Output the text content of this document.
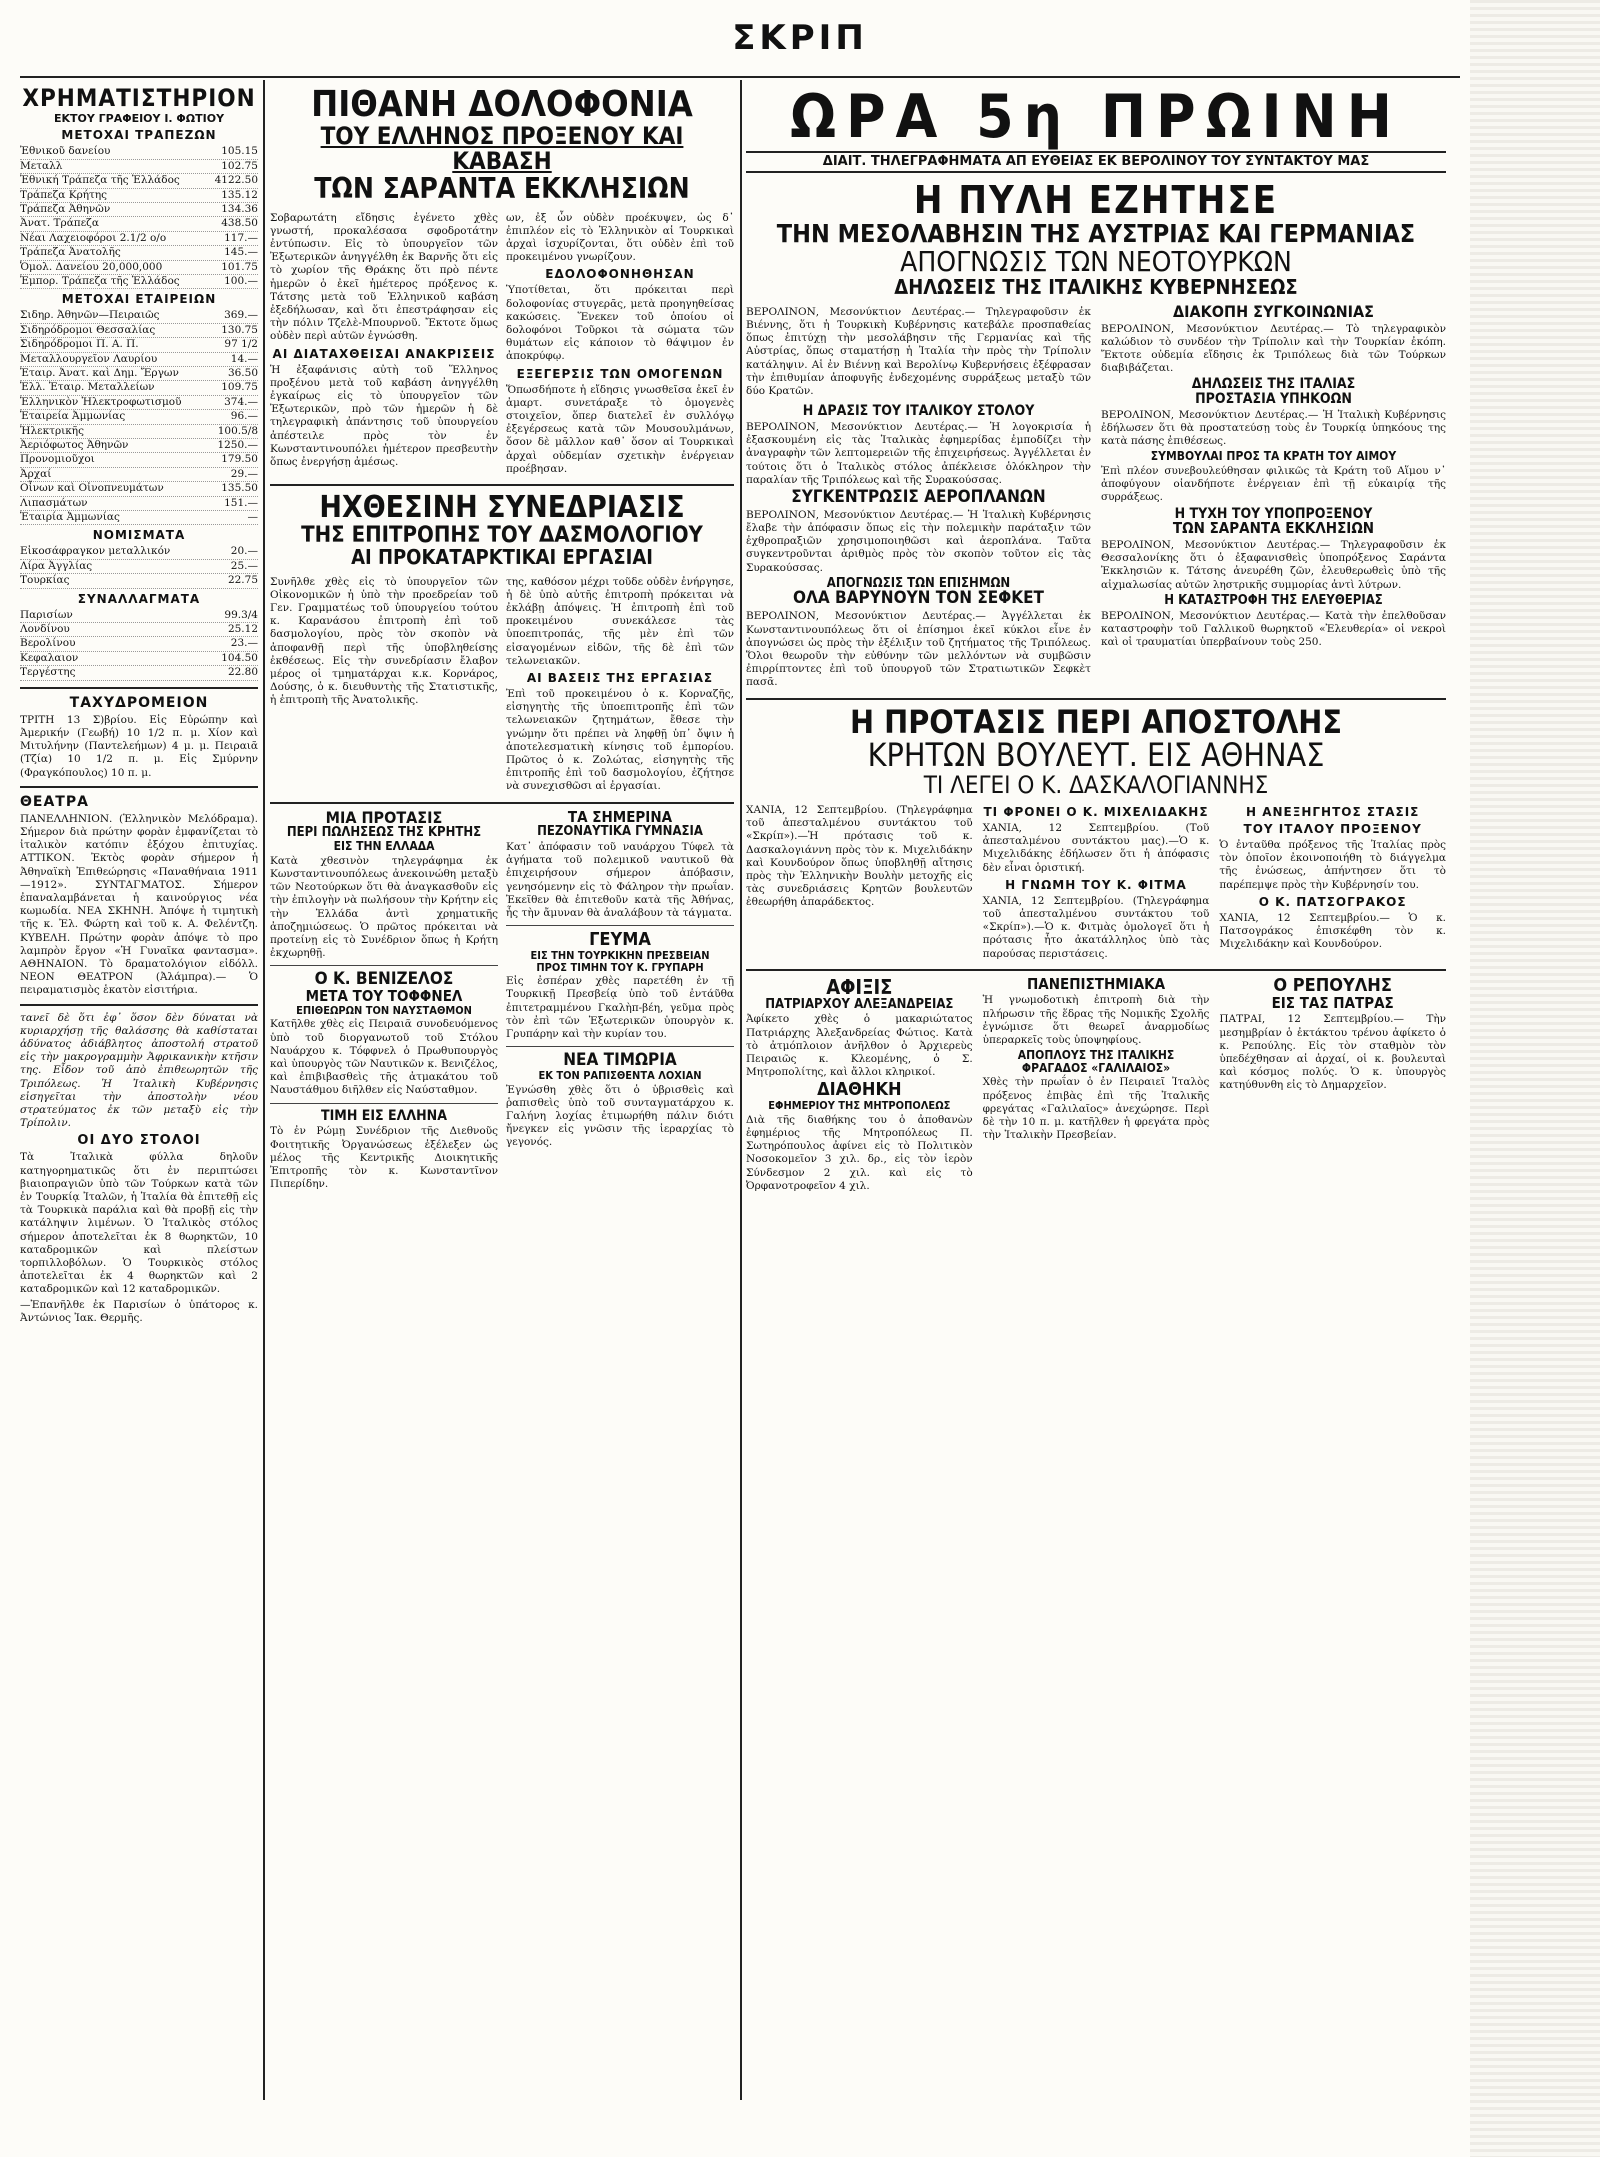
ΣΚΡΙΠ
ΧΡΗΜΑΤΙΣΤΗΡΙΟΝ
ΕΚΤΟΥ ΓΡΑΦΕΙΟΥ Ι. ΦΩΤΙΟΥ
ΜΕΤΟΧΑΙ ΤΡΑΠΕΖΩΝ
Ἐθνικοῦ δανείου	105.15
Μεταλλ	102.75
Ἐθνική Τράπεζα τῆς Ἑλλάδος	4122.50
Τράπεζα Κρήτης	135.12
Τράπεζα Ἀθηνῶν	134.36
Ἀνατ. Τράπεζα	438.50
Νέαι Λαχειοφόροι 2.1/2 ο/ο	117.—
Τράπεζα Ἀνατολῆς	145.—
Ὁμολ. Δανείου 20,000,000	101.75
Ἐμπορ. Τράπεζα τῆς Ἑλλάδος	100.—
ΜΕΤΟΧΑΙ ΕΤΑΙΡΕΙΩΝ
Σιδηρ. Ἀθηνῶν—Πειραιῶς	369.—
Σιδηρόδρομοι Θεσσαλίας	130.75
Σιδηρόδρομοι Π. Α. Π.	97 1/2
Μεταλλουργεῖον Λαυρίου	14.—
Ἐταιρ. Ἀνατ. καὶ Δημ. Ἔργων	36.50
Ἑλλ. Ἐταιρ. Μεταλλείων	109.75
Ἑλληνικὸν Ἠλεκτροφωτισμοῦ	374.—
Ἑταιρεία Ἀμμωνίας	96.—
Ἠλεκτρικῆς	100.5/8
Ἀεριόφωτος Ἀθηνῶν	1250.—
Προνομιοῦχοι	179.50
Ἀρχαί	29.—
Οἶνων καὶ Οἰνοπνευμάτων	135.50
Λιπασμάτων	151.—
Ἑταιρία Ἀμμωνίας	—
ΝΟΜΙΣΜΑΤΑ
Εἰκοσάφραγκον μεταλλικόν	20.—
Λίρα Ἀγγλίας	25.—
Τουρκίας	22.75
ΣΥΝΑΛΛΑΓΜΑΤΑ
Παρισίων	99.3/4
Λονδίνου	25.12
Βερολίνου	23.—
Κεφαλαιον	104.50
Τεργέστης	22.80
ΤΑΧΥΔΡΟΜΕΙΟΝ

ΤΡΙΤΗ 13 Σ)βρίου. Εἰς Εὐρώπην καὶ Ἀμερικήν (Γεωβή) 10 1/2 π. μ. Χίον καὶ Μιτυλήνην (Παντελεήμων) 4 μ. μ. Πειραιᾶ (Τζία) 10 1/2 π. μ. Εἰς Σμύρνην (Φραγκόπουλος) 10 π. μ.

ΘΕΑΤΡΑ

ΠΑΝΕΛΛΗΝΙΟΝ. (Ἑλληνικὸν Μελόδραμα). Σήμερον διὰ πρώτην φορὰν ἐμφανίζεται τὸ ἰταλικὸν κατόπιν ἐξόχου ἐπιτυχίας. ΑΤΤΙΚΟΝ. Ἐκτὸς φορὰν σήμερον ἡ Ἀθηναϊκὴ Ἐπιθεώρησις «Παναθήναια 1911—1912». ΣΥΝΤΑΓΜΑΤΟΣ. Σήμερον ἐπαναλαμβάνεται ἡ καινούργιος νέα κωμωδία. ΝΕΑ ΣΚΗΝΗ. Ἀπόψε ἡ τιμητικὴ τῆς κ. Ἐλ. Φώρτη καὶ τοῦ κ. Α. Φελέντζη. ΚΥΒΕΛΗ. Πρώτην φορὰν ἀπόψε τὸ προ λαμπρὸν ἔργον «Ἡ Γυναῖκα φαντασμα». ΑΘΗΝΑΙΟΝ. Τὸ δραματολόγιον εἰδόλλ. ΝΕΟΝ ΘΕΑΤΡΟΝ (Ἀλάμπρα).— Ὁ πειραματισμὸς ἑκατὸν εἰσιτήρια.

τανεῖ δὲ ὅτι ἐφ᾽ ὅσον δὲν δύναται νὰ κυριαρχήσῃ τῆς θαλάσσης θὰ καθίσταται ἀδύνατος ἀδιάβλητος ἀποστολή στρατοῦ εἰς τὴν μακρογραμμὴν Ἀφρικανικὴν κτῆσιν της. Εἶδον τοῦ ἀπὸ ἐπιθεωρητῶν τῆς Τριπόλεως. Ἡ Ἰταλικὴ Κυβέρνησις εἰσηγεῖται τὴν ἀποστολὴν νέου στρατεύματος ἐκ τῶν μεταξὺ εἰς τὴν Τρίπολιν.

ΟΙ ΔΥΟ ΣΤΟΛΟΙ

Τὰ Ἰταλικὰ φύλλα δηλοῦν κατηγορηματικῶς ὅτι ἐν περιπτώσει βιαιοπραγιῶν ὑπὸ τῶν Τούρκων κατὰ τῶν ἐν Τουρκίᾳ Ἰταλῶν, ἡ Ἰταλία θὰ ἐπιτεθῇ εἰς τὰ Τουρκικὰ παράλια καὶ θὰ προβῇ εἰς τὴν κατάληψιν λιμένων. Ὁ Ἰταλικὸς στόλος σήμερον ἀποτελεῖται ἐκ 8 θωρηκτῶν, 10 καταδρομικῶν καὶ πλείστων τορπιλλοβόλων. Ὁ Τουρκικὸς στόλος ἀποτελεῖται ἐκ 4 θωρηκτῶν καὶ 2 καταδρομικῶν καὶ 12 καταδρομικῶν.

—Ἐπανῆλθε ἐκ Παρισίων ὁ ὑπάτορος κ. Ἀντώνιος Ἰακ. Θερμῆς.

ΠΙΘΑΝΗ ΔΟΛΟΦΟΝΙΑ
ΤΟΥ ΕΛΛΗΝΟΣ ΠΡΟΞΕΝΟΥ ΚΑΙ ΚΑΒΑΣΗ
ΤΩΝ ΣΑΡΑΝΤΑ ΕΚΚΛΗΣΙΩΝ

Σοβαρωτάτη εἴδησις ἐγένετο χθὲς γνωστή, προκαλέσασα σφοδροτάτην ἐντύπωσιν. Εἰς τὸ ὑπουργεῖον τῶν Ἐξωτερικῶν ἀνηγγέλθη ἐκ Βαρνῆς ὅτι εἰς τὸ χωρίον τῆς Θράκης ὅτι πρὸ πέντε ἡμερῶν ὁ ἐκεῖ ἡμέτερος πρόξενος κ. Τάτσης μετὰ τοῦ Ἑλληνικοῦ καβάση ἐξεδήλωσαν, καὶ ὅτι ἐπεστράφησαν εἰς τὴν πόλιν Τζελὲ-Μπουρνοῦ. Ἔκτοτε ὅμως οὐδὲν περὶ αὐτῶν ἐγνώσθη.

ΑΙ ΔΙΑΤΑΧΘΕΙΣΑΙ ΑΝΑΚΡΙΣΕΙΣ

Ἡ ἐξαφάνισις αὐτὴ τοῦ Ἕλληνος προξένου μετὰ τοῦ καβάση ἀνηγγέλθη ἐγκαίρως εἰς τὸ ὑπουργεῖον τῶν Ἐξωτερικῶν, πρὸ τῶν ἡμερῶν ἡ δὲ τηλεγραφικὴ ἀπάντησις τοῦ ὑπουργείου ἀπέστειλε πρὸς τὸν ἐν Κωνσταντινουπόλει ἡμέτερον πρεσβευτὴν ὅπως ἐνεργήσῃ ἀμέσως.

ων, ἐξ ὧν οὐδὲν προέκυψεν, ὡς δ᾽ ἐπιπλέον εἰς τὸ Ἑλληνικὸν αἱ Τουρκικαὶ ἀρχαὶ ἰσχυρίζονται, ὅτι οὐδὲν ἐπὶ τοῦ προκειμένου γνωρίζουν.

ΕΔΟΛΟΦΟΝΗΘΗΣΑΝ

Ὑποτίθεται, ὅτι πρόκειται περὶ δολοφονίας στυγερᾶς, μετὰ προηγηθείσας κακώσεις. Ἕνεκεν τοῦ ὁποίου οἱ δολοφόνοι Τοῦρκοι τὰ σώματα τῶν θυμάτων εἰς κάποιον τὸ θάψιμον ἐν ἀποκρύφῳ.

ΕΞΕΓΕΡΣΙΣ ΤΩΝ ΟΜΟΓΕΝΩΝ

Ὅπωσδήποτε ἡ εἴδησις γνωσθεῖσα ἐκεῖ ἐν ἀμαρτ. συνετάραξε τὸ ὁμογενὲς στοιχεῖον, ὅπερ διατελεῖ ἐν συλλόγῳ ἐξεγέρσεως κατὰ τῶν Μουσουλμάνων, ὅσον δὲ μᾶλλον καθ᾽ ὅσον αἱ Τουρκικαὶ ἀρχαὶ οὐδεμίαν σχετικὴν ἐνέργειαν προέβησαν.

ΗΧΘΕΣΙΝΗ ΣΥΝΕΔΡΙΑΣΙΣ
ΤΗΣ ΕΠΙΤΡΟΠΗΣ ΤΟΥ ΔΑΣΜΟΛΟΓΙΟΥ
ΑΙ ΠΡΟΚΑΤΑΡΚΤΙΚΑΙ ΕΡΓΑΣΙΑΙ

Συνῆλθε χθὲς εἰς τὸ ὑπουργεῖον τῶν Οἰκονομικῶν ἡ ὑπὸ τὴν προεδρείαν τοῦ Γεν. Γραμματέως τοῦ ὑπουργείου τούτου κ. Καρανάσου ἐπιτροπὴ ἐπὶ τοῦ δασμολογίου, πρὸς τὸν σκοπὸν νὰ ἀποφανθῇ περὶ τῆς ὑποβληθείσης ἐκθέσεως. Εἰς τὴν συνεδρίασιν ἔλαβον μέρος οἱ τμηματάρχαι κ.κ. Κορνάρος, Δούσης, ὁ κ. διευθυντὴς τῆς Στατιστικῆς, ἡ ἐπιτροπὴ τῆς Ἀνατολικῆς.

της, καθόσον μέχρι τοῦδε οὐδὲν ἐνήργησε, ἡ δὲ ὑπὸ αὐτῆς ἐπιτροπὴ πρόκειται νὰ ἐκλάβῃ ἀπόψεις. Ἡ ἐπιτροπὴ ἐπὶ τοῦ προκειμένου συνεκάλεσε τὰς ὑποεπιτροπάς, τῆς μὲν ἐπὶ τῶν εἰσαγομένων εἰδῶν, τῆς δὲ ἐπὶ τῶν τελωνειακῶν.

ΑΙ ΒΑΣΕΙΣ ΤΗΣ ΕΡΓΑΣΙΑΣ

Ἐπὶ τοῦ προκειμένου ὁ κ. Κορναζῆς, εἰσηγητὴς τῆς ὑποεπιτροπῆς ἐπὶ τῶν τελωνειακῶν ζητημάτων, ἔθεσε τὴν γνώμην ὅτι πρέπει νὰ ληφθῇ ὑπ᾽ ὄψιν ἡ ἀποτελεσματικὴ κίνησις τοῦ ἐμπορίου. Πρῶτος ὁ κ. Ζολώτας, εἰσηγητὴς τῆς ἐπιτροπῆς ἐπὶ τοῦ δασμολογίου, ἐζήτησε νὰ συνεχισθῶσι αἱ ἐργασίαι.

ΜΙΑ ΠΡΟΤΑΣΙΣ
ΠΕΡΙ ΠΩΛΗΣΕΩΣ ΤΗΣ ΚΡΗΤΗΣ
ΕΙΣ ΤΗΝ ΕΛΛΑΔΑ

Κατὰ χθεσινὸν τηλεγράφημα ἐκ Κωνσταντινουπόλεως ἀνεκοινώθη μεταξὺ τῶν Νεοτούρκων ὅτι θὰ ἀναγκασθοῦν εἰς τὴν ἐπιλογὴν νὰ πωλήσουν τὴν Κρήτην εἰς τὴν Ἑλλάδα ἀντὶ χρηματικῆς ἀποζημιώσεως. Ὁ πρῶτος πρόκειται νὰ προτείνῃ εἰς τὸ Συνέδριον ὅπως ἡ Κρήτη ἐκχωρηθῇ.

Ο Κ. ΒΕΝΙΖΕΛΟΣ
ΜΕΤΑ ΤΟΥ ΤΟΦΦΝΕΛ
ΕΠΙΘΕΩΡΩΝ ΤΟΝ ΝΑΥΣΤΑΘΜΟΝ

Κατῆλθε χθὲς εἰς Πειραιᾶ συνοδευόμενος ὑπὸ τοῦ διοργανωτοῦ τοῦ Στόλου Ναυάρχου κ. Τόφφνελ ὁ Πρωθυπουργὸς καὶ ὑπουργὸς τῶν Ναυτικῶν κ. Βενιζέλος, καὶ ἐπιβιβασθεὶς τῆς ἀτμακάτου τοῦ Ναυστάθμου διῆλθεν εἰς Ναύσταθμον.

ΤΙΜΗ ΕΙΣ ΕΛΛΗΝΑ

Τὸ ἐν Ρώμῃ Συνέδριον τῆς Διεθνοῦς Φοιτητικῆς Ὀργανώσεως ἐξέλεξεν ὡς μέλος τῆς Κεντρικῆς Διοικητικῆς Ἐπιτροπῆς τὸν κ. Κωνσταντῖνον Πιπερίδην.

ΤΑ ΣΗΜΕΡΙΝΑ
ΠΕΖΟΝΑΥΤΙΚΑ ΓΥΜΝΑΣΙΑ

Κατ᾽ ἀπόφασιν τοῦ ναυάρχου Τύφελ τὰ ἀγήματα τοῦ πολεμικοῦ ναυτικοῦ θὰ ἐπιχειρήσουν σήμερον ἀπόβασιν, γενησόμενην εἰς τὸ Φάληρον τὴν πρωΐαν. Ἐκεῖθεν θὰ ἐπιτεθοῦν κατὰ τῆς Ἀθήνας, ἧς τὴν ἄμυναν θὰ ἀναλάβουν τὰ τάγματα.

ΓΕΥΜΑ
ΕΙΣ ΤΗΝ ΤΟΥΡΚΙΚΗΝ ΠΡΕΣΒΕΙΑΝ
ΠΡΟΣ ΤΙΜΗΝ ΤΟΥ Κ. ΓΡΥΠΑΡΗ

Εἰς ἐσπέραν χθὲς παρετέθη ἐν τῇ Τουρκικῇ Πρεσβείᾳ ὑπὸ τοῦ ἐντάῦθα ἐπιτετραμμένου Γκαλὴπ-βέη, γεῦμα πρὸς τὸν ἐπὶ τῶν Ἐξωτερικῶν ὑπουργὸν κ. Γρυπάρην καὶ τὴν κυρίαν του.

ΝΕΑ ΤΙΜΩΡΙΑ
ΕΚ ΤΟΝ ΡΑΠΙΣΘΕΝΤΑ ΛΟΧΙΑΝ

Ἐγνώσθη χθὲς ὅτι ὁ ὑβρισθεὶς καὶ ῥαπισθεὶς ὑπὸ τοῦ συνταγματάρχου κ. Γαλήνη λοχίας ἐτιμωρήθη πάλιν διότι ἤνεγκεν εἰς γνῶσιν τῆς ἱεραρχίας τὸ γεγονός.

ΩΡΑ 5η ΠΡΩΙΝΗ
ΔΙΑΙΤ. ΤΗΛΕΓΡΑΦΗΜΑΤΑ ΑΠ ΕΥΘΕΙΑΣ ΕΚ ΒΕΡΟΛΙΝΟΥ ΤΟΥ ΣΥΝΤΑΚΤΟΥ ΜΑΣ
Η ΠΥΛΗ ΕΖΗΤΗΣΕ
ΤΗΝ ΜΕΣΟΛΑΒΗΣΙΝ ΤΗΣ ΑΥΣΤΡΙΑΣ ΚΑΙ ΓΕΡΜΑΝΙΑΣ
ΑΠΟΓΝΩΣΙΣ ΤΩΝ ΝΕΟΤΟΥΡΚΩΝ
ΔΗΛΩΣΕΙΣ ΤΗΣ ΙΤΑΛΙΚΗΣ ΚΥΒΕΡΝΗΣΕΩΣ

ΒΕΡΟΛΙΝΟΝ, Μεσονύκτιον Δευτέρας.— Τηλεγραφοῦσιν ἐκ Βιέννης, ὅτι ἡ Τουρκικὴ Κυβέρνησις κατεβάλε προσπαθείας ὅπως ἐπιτύχῃ τὴν μεσολάβησιν τῆς Γερμανίας καὶ τῆς Αὐστρίας, ὅπως σταματήσῃ ἡ Ἰταλία τὴν πρὸς τὴν Τρίπολιν κατάληψιν. Αἱ ἐν Βιέννῃ καὶ Βερολίνῳ Κυβερνήσεις ἐξέφρασαν τὴν ἐπιθυμίαν ἀποφυγῆς ἐνδεχομένης συρράξεως μεταξὺ τῶν δύο Κρατῶν.

Η ΔΡΑΣΙΣ ΤΟΥ ΙΤΑΛΙΚΟΥ ΣΤΟΛΟΥ

ΒΕΡΟΛΙΝΟΝ, Μεσονύκτιον Δευτέρας.— Ἡ λογοκρισία ἡ ἐξασκουμένη εἰς τὰς Ἰταλικὰς ἐφημερίδας ἐμποδίζει τὴν ἀναγραφὴν τῶν λεπτομερειῶν τῆς ἐπιχειρήσεως. Ἀγγέλλεται ἐν τούτοις ὅτι ὁ Ἰταλικὸς στόλος ἀπέκλεισε ὁλόκληρον τὴν παραλίαν τῆς Τριπόλεως καὶ τῆς Συρακούσσας.

ΣΥΓΚΕΝΤΡΩΣΙΣ ΑΕΡΟΠΛΑΝΩΝ

ΒΕΡΟΛΙΝΟΝ, Μεσονύκτιον Δευτέρας.— Ἡ Ἰταλικὴ Κυβέρνησις ἔλαβε τὴν ἀπόφασιν ὅπως εἰς τὴν πολεμικὴν παράταξιν τῶν ἐχθροπραξιῶν χρησιμοποιηθῶσι καὶ ἀεροπλάνα. Ταῦτα συγκεντροῦνται ἀριθμὸς πρὸς τὸν σκοπὸν τοῦτον εἰς τὰς Συρακούσσας.

ΑΠΟΓΝΩΣΙΣ ΤΩΝ ΕΠΙΣΗΜΩΝ
ΟΛΑ ΒΑΡΥΝΟΥΝ ΤΟΝ ΣΕΦΚΕΤ

ΒΕΡΟΛΙΝΟΝ, Μεσονύκτιον Δευτέρας.— Ἀγγέλλεται ἐκ Κωνσταντινουπόλεως ὅτι οἱ ἐπίσημοι ἐκεῖ κύκλοι εἶνε ἐν ἀπογνώσει ὡς πρὸς τὴν ἐξέλιξιν τοῦ ζητήματος τῆς Τριπόλεως. Ὅλοι θεωροῦν τὴν εὐθύνην τῶν μελλόντων νὰ συμβῶσιν ἐπιρρίπτοντες ἐπὶ τοῦ ὑπουργοῦ τῶν Στρατιωτικῶν Σεφκὲτ πασᾶ.

ΔΙΑΚΟΠΗ ΣΥΓΚΟΙΝΩΝΙΑΣ

ΒΕΡΟΛΙΝΟΝ, Μεσονύκτιον Δευτέρας.— Τὸ τηλεγραφικὸν καλώδιον τὸ συνδέον τὴν Τρίπολιν καὶ τὴν Τουρκίαν ἐκόπη. Ἔκτοτε οὐδεμία εἴδησις ἐκ Τριπόλεως διὰ τῶν Τούρκων διαβιβάζεται.

ΔΗΛΩΣΕΙΣ ΤΗΣ ΙΤΑΛΙΑΣ
ΠΡΟΣΤΑΣΙΑ ΥΠΗΚΟΩΝ

ΒΕΡΟΛΙΝΟΝ, Μεσονύκτιον Δευτέρας.— Ἡ Ἰταλικὴ Κυβέρνησις ἐδήλωσεν ὅτι θὰ προστατεύσῃ τοὺς ἐν Τουρκίᾳ ὑπηκόους της κατὰ πάσης ἐπιθέσεως.

ΣΥΜΒΟΥΛΑΙ ΠΡΟΣ ΤΑ ΚΡΑΤΗ ΤΟΥ ΑΙΜΟΥ

Ἐπὶ πλέον συνεβουλεύθησαν φιλικῶς τὰ Κράτη τοῦ Αἵμου ν᾽ ἀποφύγουν οἱανδήποτε ἐνέργειαν ἐπὶ τῇ εὐκαιρίᾳ τῆς συρράξεως.

Η ΤΥΧΗ ΤΟΥ ΥΠΟΠΡΟΞΕΝΟΥ
ΤΩΝ ΣΑΡΑΝΤΑ ΕΚΚΛΗΣΙΩΝ

ΒΕΡΟΛΙΝΟΝ, Μεσονύκτιον Δευτέρας.— Τηλεγραφοῦσιν ἐκ Θεσσαλονίκης ὅτι ὁ ἐξαφανισθεὶς ὑποπρόξενος Σαράντα Ἐκκλησιῶν κ. Τάτσης ἀνευρέθη ζῶν, ἐλευθερωθεὶς ὑπὸ τῆς αἰχμαλωσίας αὐτῶν ληστρικῆς συμμορίας ἀντὶ λύτρων.

Η ΚΑΤΑΣΤΡΟΦΗ ΤΗΣ ΕΛΕΥΘΕΡΙΑΣ

ΒΕΡΟΛΙΝΟΝ, Μεσονύκτιον Δευτέρας.— Κατὰ τὴν ἐπελθοῦσαν καταστροφὴν τοῦ Γαλλικοῦ θωρηκτοῦ «Ἐλευθερία» οἱ νεκροὶ καὶ οἱ τραυματίαι ὑπερβαίνουν τοὺς 250.

Η ΠΡΟΤΑΣΙΣ ΠΕΡΙ ΑΠΟΣΤΟΛΗΣ
ΚΡΗΤΩΝ ΒΟΥΛΕΥΤ. ΕΙΣ ΑΘΗΝΑΣ
ΤΙ ΛΕΓΕΙ Ο Κ. ΔΑΣΚΑΛΟΓΙΑΝΝΗΣ

ΧΑΝΙΑ, 12 Σεπτεμβρίου. (Τηλεγράφημα τοῦ ἀπεσταλμένου συντάκτου τοῦ «Σκρίπ»).—Ἡ πρότασις τοῦ κ. Δασκαλογιάννη πρὸς τὸν κ. Μιχελιδάκην καὶ Κουνδούρον ὅπως ὑποβληθῇ αἴτησις πρὸς τὴν Ἑλληνικὴν Βουλὴν μετοχῆς εἰς τὰς συνεδριάσεις Κρητῶν βουλευτῶν ἐθεωρήθη ἀπαράδεκτος.

ΤΙ ΦΡΟΝΕΙ Ο Κ. ΜΙΧΕΛΙΔΑΚΗΣ

ΧΑΝΙΑ, 12 Σεπτεμβρίου. (Τοῦ ἀπεσταλμένου συντάκτου μας).—Ὁ κ. Μιχελιδάκης ἐδήλωσεν ὅτι ἡ ἀπόφασις δὲν εἶναι ὁριστική.

Η ΓΝΩΜΗ ΤΟΥ Κ. ΦΙΤΜΑ

ΧΑΝΙΑ, 12 Σεπτεμβρίου. (Τηλεγράφημα τοῦ ἀπεσταλμένου συντάκτου τοῦ «Σκρίπ»).—Ὁ κ. Φιτμὰς ὁμολογεῖ ὅτι ἡ πρότασις ἦτο ἀκατάλληλος ὑπὸ τὰς παρούσας περιστάσεις.

Η ΑΝΕΞΗΓΗΤΟΣ ΣΤΑΣΙΣ
ΤΟΥ ΙΤΑΛΟΥ ΠΡΟΞΕΝΟΥ

Ὁ ἐνταῦθα πρόξενος τῆς Ἰταλίας πρὸς τὸν ὁποῖον ἐκοινοποιήθη τὸ διάγγελμα τῆς ἐνώσεως, ἀπήντησεν ὅτι τὸ παρέπεμψε πρὸς τὴν Κυβέρνησίν του.

Ο Κ. ΠΑΤΣΟΓΡΑΚΟΣ

ΧΑΝΙΑ, 12 Σεπτεμβρίου.— Ὁ κ. Πατσογράκος ἐπισκέφθη τὸν κ. Μιχελιδάκην καὶ Κουνδούρον.

ΑΦΙΞΙΣ
ΠΑΤΡΙΑΡΧΟΥ ΑΛΕΞΑΝΔΡΕΙΑΣ

Ἀφίκετο χθὲς ὁ μακαριώτατος Πατριάρχης Ἀλεξανδρείας Φώτιος. Κατὰ τὸ ἀτμόπλοιον ἀνῆλθον ὁ Ἀρχιερεὺς Πειραιῶς κ. Κλεομένης, ὁ Σ. Μητροπολίτης, καὶ ἄλλοι κληρικοί.

ΔΙΑΘΗΚΗ
ΕΦΗΜΕΡΙΟΥ ΤΗΣ ΜΗΤΡΟΠΟΛΕΩΣ

Διὰ τῆς διαθήκης του ὁ ἀποθανὼν ἐφημέριος τῆς Μητροπόλεως Π. Σωτηρόπουλος ἀφίνει εἰς τὸ Πολιτικὸν Νοσοκομεῖον 3 χιλ. δρ., εἰς τὸν ἱερὸν Σύνδεσμον 2 χιλ. καὶ εἰς τὸ Ὀρφανοτροφεῖον 4 χιλ.

ΠΑΝΕΠΙΣΤΗΜΙΑΚΑ

Ἡ γνωμοδοτικὴ ἐπιτροπὴ διὰ τὴν πλήρωσιν τῆς ἕδρας τῆς Νομικῆς Σχολῆς ἐγνώμισε ὅτι θεωρεῖ ἀναρμοδίως ὑπεραρκεῖς τοὺς ὑποψηφίους.

ΑΠΟΠΛΟΥΣ ΤΗΣ ΙΤΑΛΙΚΗΣ
ΦΡΑΓΑΔΟΣ «ΓΑΛΙΛΑΙΟΣ»

Χθὲς τὴν πρωΐαν ὁ ἐν Πειραιεῖ Ἰταλὸς πρόξενος ἐπιβὰς ἐπὶ τῆς Ἰταλικῆς φρεγάτας «Γαλιλαῖος» ἀνεχώρησε. Περὶ δὲ τὴν 10 π. μ. κατῆλθεν ἡ φρεγάτα πρὸς τὴν Ἰταλικὴν Πρεσβείαν.

Ο ΡΕΠΟΥΛΗΣ
ΕΙΣ ΤΑΣ ΠΑΤΡΑΣ

ΠΑΤΡΑΙ, 12 Σεπτεμβρίου.— Τὴν μεσημβρίαν ὁ ἐκτάκτου τρένου ἀφίκετο ὁ κ. Ρεπούλης. Εἰς τὸν σταθμὸν τὸν ὑπεδέχθησαν αἱ ἀρχαί, οἱ κ. βουλευταὶ καὶ κόσμος πολύς. Ὁ κ. ὑπουργὸς κατηύθυνθη εἰς τὸ Δημαρχεῖον.
